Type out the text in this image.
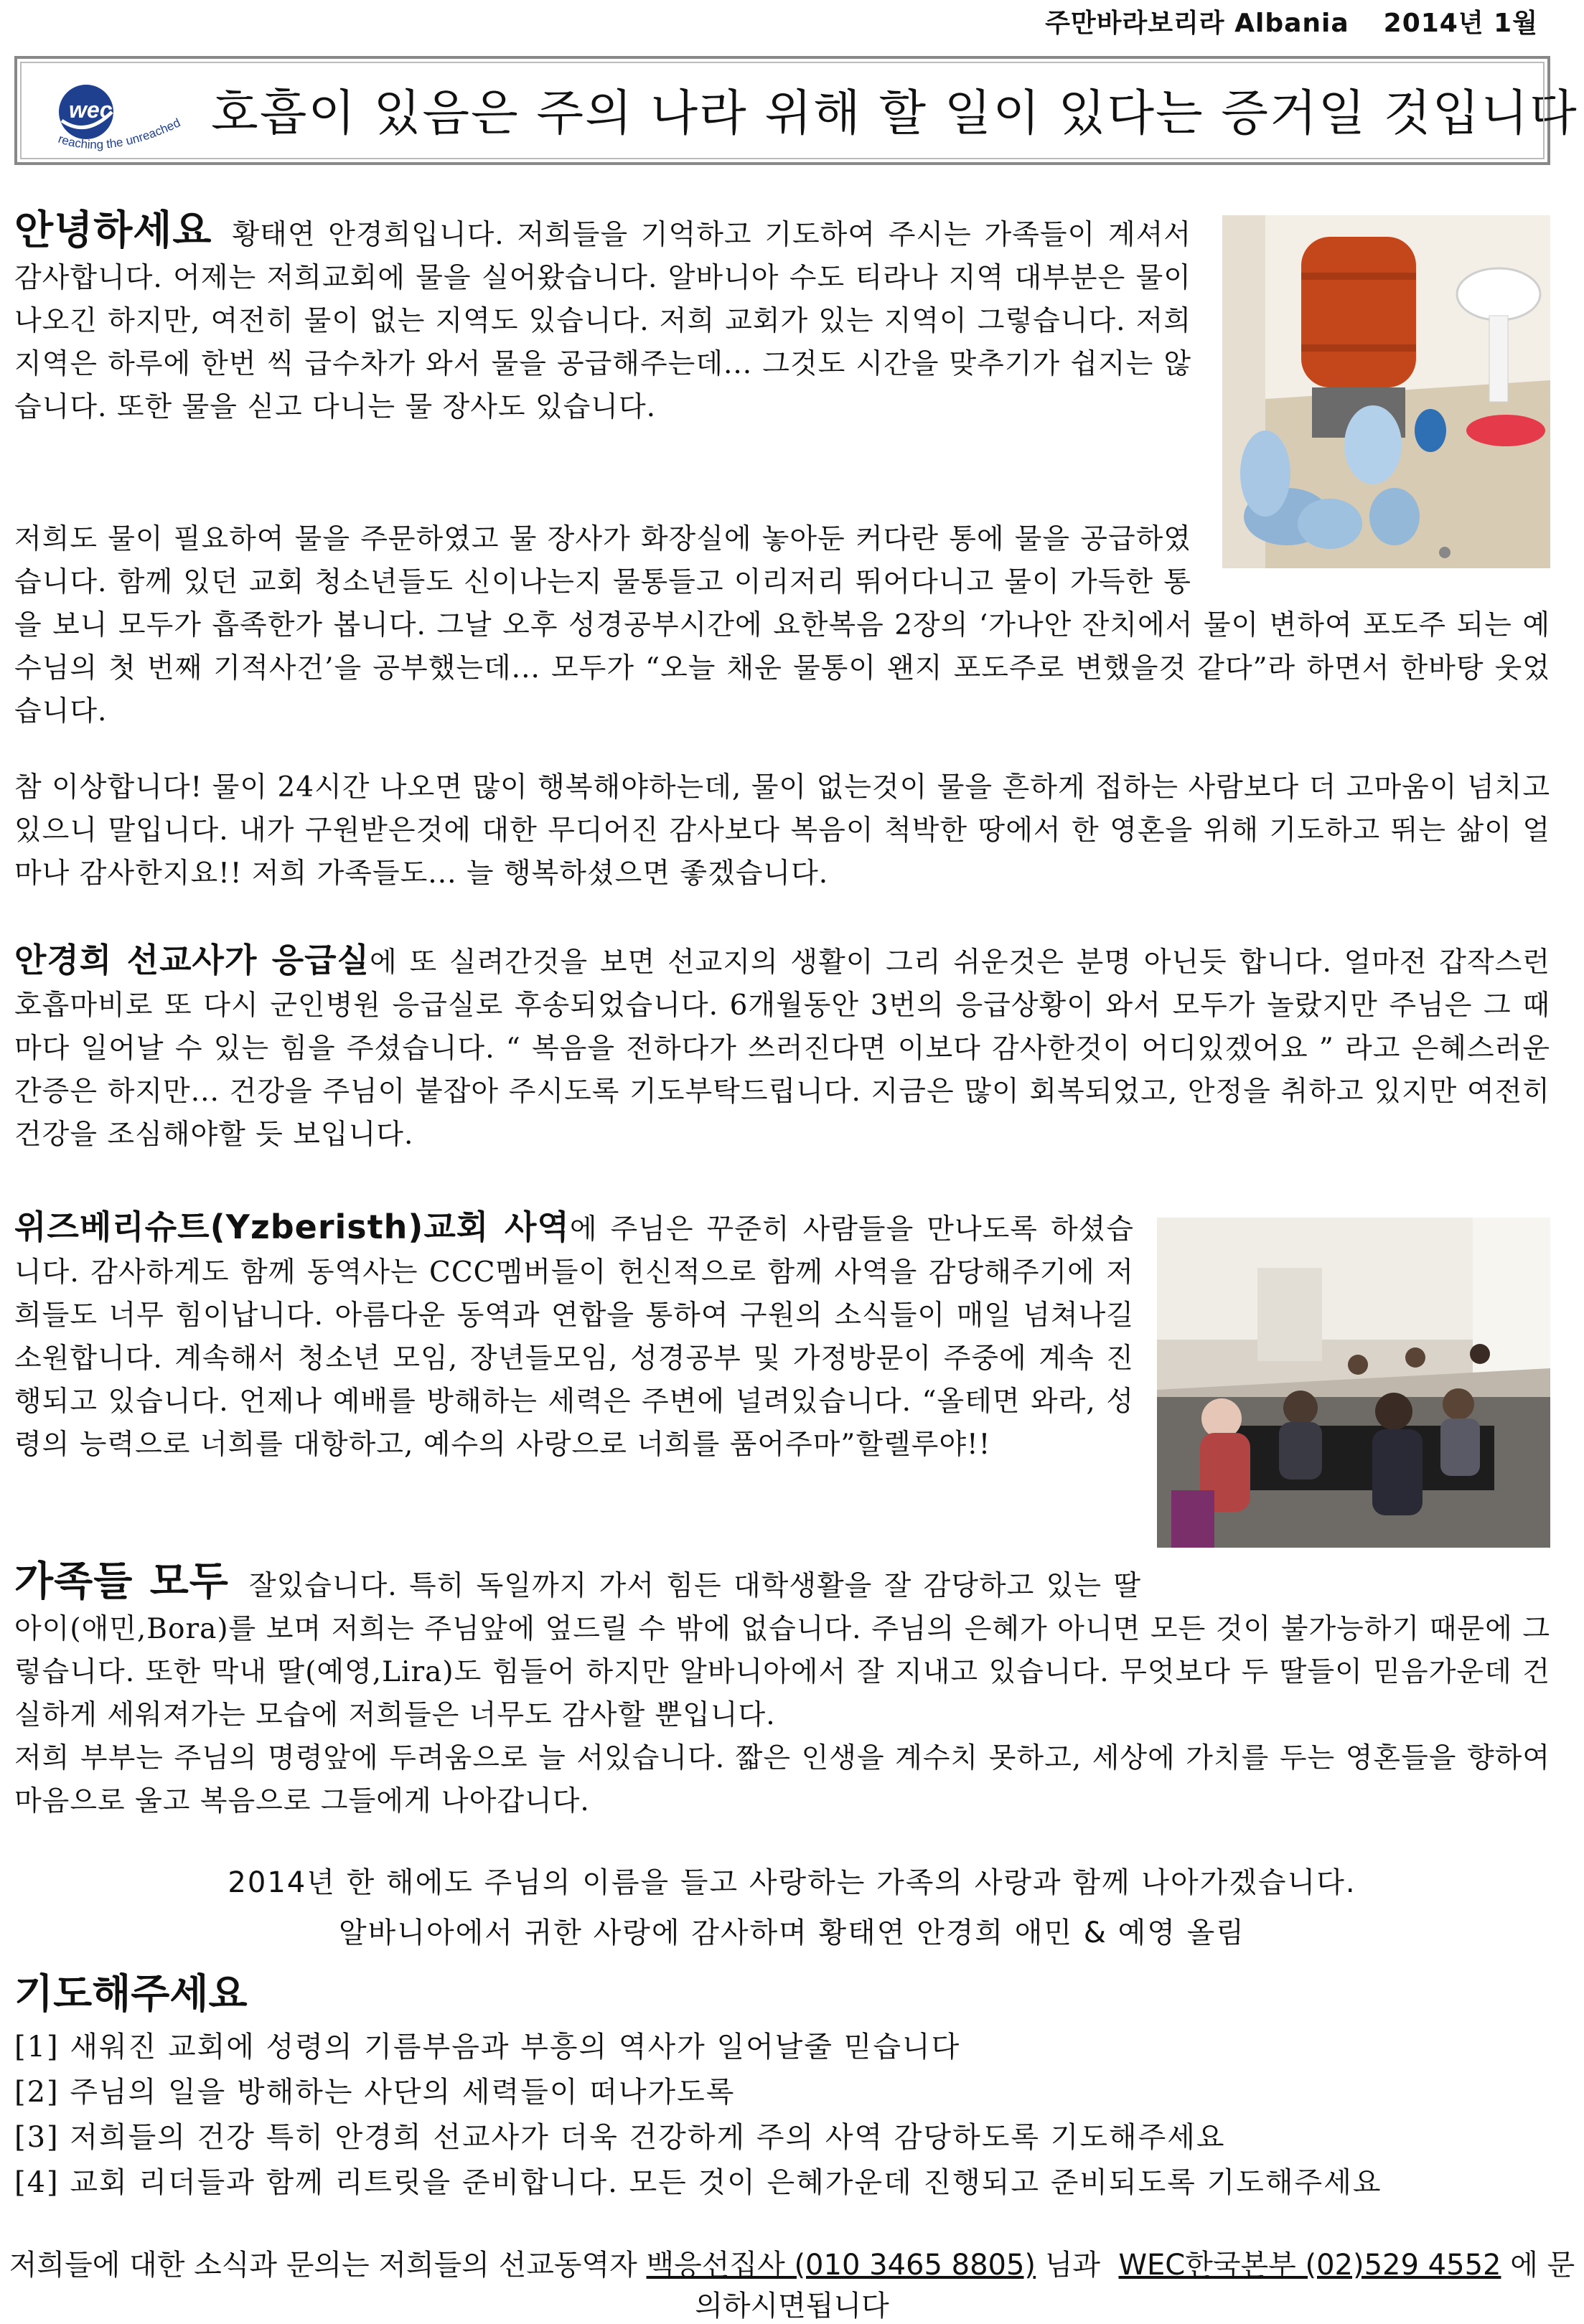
주만바라보리라 Albania 2014년 1월
wec
reaching the unreached 호흡이 있음은 주의 나라 위해 할 일이 있다는 증거일 것입니다
안녕하세요 황태연 안경희입니다. 저희들을 기억하고 기도하여 주시는 가족들이 계셔서 감사합니다. 어제는 저희교회에 물을 실어왔습니다. 알바니아 수도 티라나 지역 대부분은 물이 나오긴 하지만, 여전히 물이 없는 지역도 있습니다. 저희 교회가 있는 지역이 그렇습니다. 저희 지역은 하루에 한번 씩 급수차가 와서 물을 공급해주는데... 그것도 시간을 맞추기가 쉽지는 않습니다. 또한 물을 싣고 다니는 물 장사도 있습니다.
저희도 물이 필요하여 물을 주문하였고 물 장사가 화장실에 놓아둔 커다란 통에 물을 공급하였습니다. 함께 있던 교회 청소년들도 신이나는지 물통들고 이리저리 뛰어다니고 물이 가득한 통을 보니 모두가 흡족한가 봅니다. 그날 오후 성경공부시간에 요한복음 2장의 ‘가나안 잔치에서 물이 변하여 포도주 되는 예수님의 첫 번째 기적사건’을 공부했는데... 모두가 “오늘 채운 물통이 왠지 포도주로 변했을것 같다”라 하면서 한바탕 웃었습니다.
참 이상합니다! 물이 24시간 나오면 많이 행복해야하는데, 물이 없는것이 물을 흔하게 접하는 사람보다 더 고마움이 넘치고 있으니 말입니다. 내가 구원받은것에 대한 무디어진 감사보다 복음이 척박한 땅에서 한 영혼을 위해 기도하고 뛰는 삶이 얼마나 감사한지요!! 저희 가족들도... 늘 행복하셨으면 좋겠습니다.
안경희 선교사가 응급실에 또 실려간것을 보면 선교지의 생활이 그리 쉬운것은 분명 아닌듯 합니다. 얼마전 갑작스런 호흡마비로 또 다시 군인병원 응급실로 후송되었습니다. 6개월동안 3번의 응급상황이 와서 모두가 놀랐지만 주님은 그 때마다 일어날 수 있는 힘을 주셨습니다. “ 복음을 전하다가 쓰러진다면 이보다 감사한것이 어디있겠어요 ” 라고 은혜스러운 간증은 하지만... 건강을 주님이 붙잡아 주시도록 기도부탁드립니다. 지금은 많이 회복되었고, 안정을 취하고 있지만 여전히 건강을 조심해야할 듯 보입니다.
위즈베리슈트(Yzberisth)교회 사역에 주님은 꾸준히 사람들을 만나도록 하셨습니다. 감사하게도 함께 동역사는 CCC멤버들이 헌신적으로 함께 사역을 감당해주기에 저희들도 너무 힘이납니다. 아름다운 동역과 연합을 통하여 구원의 소식들이 매일 넘쳐나길 소원합니다. 계속해서 청소년 모임, 장년들모임, 성경공부 및 가정방문이 주중에 계속 진행되고 있습니다. 언제나 예배를 방해하는 세력은 주변에 널려있습니다. “올테면 와라, 성령의 능력으로 너희를 대항하고, 예수의 사랑으로 너희를 품어주마”할렐루야!!
가족들 모두 잘있습니다. 특히 독일까지 가서 힘든 대학생활을 잘 감당하고 있는 딸아이(애민,Bora)를 보며 저희는 주님앞에 엎드릴 수 밖에 없습니다. 주님의 은혜가 아니면 모든 것이 불가능하기 때문에 그렇습니다. 또한 막내 딸(예영,Lira)도 힘들어 하지만 알바니아에서 잘 지내고 있습니다. 무엇보다 두 딸들이 믿음가운데 건실하게 세워져가는 모습에 저희들은 너무도 감사할 뿐입니다.
저희 부부는 주님의 명령앞에 두려움으로 늘 서있습니다. 짧은 인생을 계수치 못하고, 세상에 가치를 두는 영혼들을 향하여 마음으로 울고 복음으로 그들에게 나아갑니다.
2014년 한 해에도 주님의 이름을 들고 사랑하는 가족의 사랑과 함께 나아가겠습니다.
알바니아에서 귀한 사랑에 감사하며 황태연 안경희 애민 & 예영 올림
기도해주세요
[1] 새워진 교회에 성령의 기름부음과 부흥의 역사가 일어날줄 믿습니다
[2] 주님의 일을 방해하는 사단의 세력들이 떠나가도록
[3] 저희들의 건강 특히 안경희 선교사가 더욱 건강하게 주의 사역 감당하도록 기도해주세요
[4] 교회 리더들과 함께 리트릿을 준비합니다. 모든 것이 은혜가운데 진행되고 준비되도록 기도해주세요
저희들에 대한 소식과 문의는 저희들의 선교동역자 백응선집사 (010 3465 8805) 님과 WEC한국본부 (02)529 4552 에 문의하시면됩니다
